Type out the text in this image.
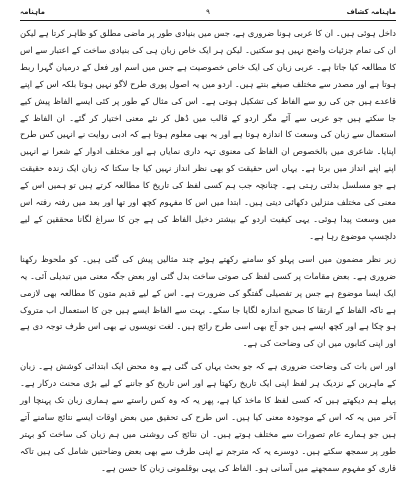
ماہنامہ کشاف
٩
ماہنامہ

داخل ہوئی ہیں۔ ان کا عربی ہونا ضروری ہے، جس میں بنیادی طور پر ماضی مطلق کو ظاہر کرتا ہے لیکن ان کی تمام جزئیات واضح نہیں ہو سکتیں۔ لیکن ہر ایک خاص زبان ہی کی بنیادی ساخت کے اعتبار سے اس کا مطالعہ کیا جاتا ہے۔ عربی زبان کی ایک خاص خصوصیت ہے جس میں اسم اور فعل کے درمیان گہرا ربط ہوتا ہے اور مصدر سے مختلف صیغے بنتے ہیں۔ اردو میں یہ اصول پوری طرح لاگو نہیں ہوتا بلکہ اس کے اپنے قاعدے ہیں جن کی رو سے الفاظ کی تشکیل ہوتی ہے۔ اس کی مثال کے طور پر کئی ایسے الفاظ پیش کیے جا سکتے ہیں جو عربی سے آئے مگر اردو کے قالب میں ڈھل کر نئے معنی اختیار کر گئے۔ ان الفاظ کے استعمال سے زبان کی وسعت کا اندازہ ہوتا ہے اور یہ بھی معلوم ہوتا ہے کہ ادبی روایت نے انہیں کس طرح اپنایا۔ شاعری میں بالخصوص ان الفاظ کی معنوی تہہ داری نمایاں ہے اور مختلف ادوار کے شعرا نے انہیں اپنے اپنے انداز میں برتا ہے۔ یہاں اس حقیقت کو بھی نظر انداز نہیں کیا جا سکتا کہ زبان ایک زندہ حقیقت ہے جو مسلسل بدلتی رہتی ہے۔ چنانچہ جب ہم کسی لفظ کی تاریخ کا مطالعہ کرتے ہیں تو ہمیں اس کے معنی کی مختلف منزلیں دکھائی دیتی ہیں۔ ابتدا میں اس کا مفہوم کچھ اور تھا اور بعد میں رفتہ رفتہ اس میں وسعت پیدا ہوئی۔ یہی کیفیت اردو کے بیشتر دخیل الفاظ کی ہے جن کا سراغ لگانا محققین کے لیے دلچسپ موضوع رہا ہے۔

زیر نظر مضمون میں اسی پہلو کو سامنے رکھتے ہوئے چند مثالیں پیش کی گئی ہیں۔ کو ملحوظ رکھنا ضروری ہے۔ بعض مقامات پر کسی لفظ کی صوتی ساخت بدل گئی اور بعض جگہ معنی میں تبدیلی آئی۔ یہ ایک ایسا موضوع ہے جس پر تفصیلی گفتگو کی ضرورت ہے۔ اس کے لیے قدیم متون کا مطالعہ بھی لازمی ہے تاکہ الفاظ کے ارتقا کا صحیح اندازہ لگایا جا سکے۔ بہت سے الفاظ ایسے ہیں جن کا استعمال اب متروک ہو چکا ہے اور کچھ ایسے ہیں جو آج بھی اسی طرح رائج ہیں۔ لغت نویسوں نے بھی اس طرف توجہ دی ہے اور اپنی کتابوں میں ان کی وضاحت کی ہے۔

اور اس بات کی وضاحت ضروری ہے کہ جو بحث یہاں کی گئی ہے وہ محض ایک ابتدائی کوشش ہے۔ زبان کے ماہرین کے نزدیک ہر لفظ اپنی ایک تاریخ رکھتا ہے اور اس تاریخ کو جاننے کے لیے بڑی محنت درکار ہے۔ پہلے ہم دیکھتے ہیں کہ کسی لفظ کا ماخذ کیا ہے، پھر یہ کہ وہ کس راستے سے ہماری زبان تک پہنچا اور آخر میں یہ کہ اس کے موجودہ معنی کیا ہیں۔ اس طرح کی تحقیق میں بعض اوقات ایسے نتائج سامنے آتے ہیں جو ہمارے عام تصورات سے مختلف ہوتے ہیں۔ ان نتائج کی روشنی میں ہم زبان کی ساخت کو بہتر طور پر سمجھ سکتے ہیں۔ دوسرے یہ کہ مترجم نے اپنی طرف سے بھی بعض وضاحتیں شامل کی ہیں تاکہ قاری کو مفہوم سمجھنے میں آسانی ہو۔ الفاظ کی یہی بوقلمونی زبان کا حسن ہے۔
